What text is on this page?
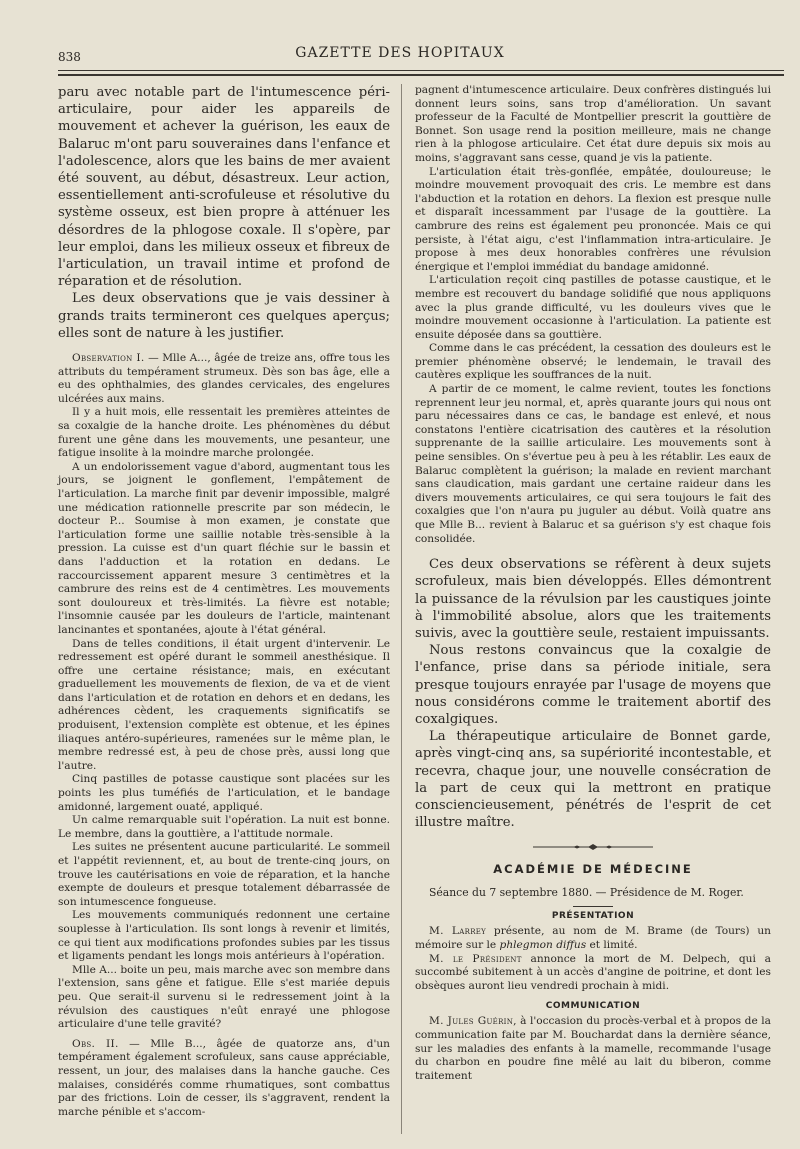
838	GAZETTE DES HOPITAUX

paru avec notable part de l'intumescence péri-articulaire, pour aider les appareils de mouvement et achever la guérison, les eaux de Balaruc m'ont paru souveraines dans l'enfance et l'adolescence, alors que les bains de mer avaient été souvent, au début, désastreux. Leur action, essentiellement anti-scrofuleuse et résolutive du système osseux, est bien propre à atténuer les désordres de la phlogose coxale. Il s'opère, par leur emploi, dans les milieux osseux et fibreux de l'articulation, un travail intime et profond de réparation et de résolution.

Les deux observations que je vais dessiner à grands traits termineront ces quelques aperçus; elles sont de nature à les justifier.

Observation I. — Mlle A..., âgée de treize ans, offre tous les attributs du tempérament strumeux. Dès son bas âge, elle a eu des ophthalmies, des glandes cervicales, des engelures ulcérées aux mains.

Il y a huit mois, elle ressentait les premières atteintes de sa coxalgie de la hanche droite. Les phénomènes du début furent une gêne dans les mouvements, une pesanteur, une fatigue insolite à la moindre marche prolongée.

A un endolorissement vague d'abord, augmentant tous les jours, se joignent le gonflement, l'empâtement de l'articulation. La marche finit par devenir impossible, malgré une médication rationnelle prescrite par son médecin, le docteur P... Soumise à mon examen, je constate que l'articulation forme une saillie notable très-sensible à la pression. La cuisse est d'un quart fléchie sur le bassin et dans l'adduction et la rotation en dedans. Le raccourcissement apparent mesure 3 centimètres et la cambrure des reins est de 4 centimètres. Les mouvements sont douloureux et très-limités. La fièvre est notable; l'insomnie causée par les douleurs de l'article, maintenant lancinantes et spontanées, ajoute à l'état général.

Dans de telles conditions, il était urgent d'intervenir. Le redressement est opéré durant le sommeil anesthésique. Il offre une certaine résistance; mais, en exécutant graduellement les mouvements de flexion, de va et de vient dans l'articulation et de rotation en dehors et en dedans, les adhérences cèdent, les craquements significatifs se produisent, l'extension complète est obtenue, et les épines iliaques antéro-supérieures, ramenées sur le même plan, le membre redressé est, à peu de chose près, aussi long que l'autre.

Cinq pastilles de potasse caustique sont placées sur les points les plus tuméfiés de l'articulation, et le bandage amidonné, largement ouaté, appliqué.

Un calme remarquable suit l'opération. La nuit est bonne. Le membre, dans la gouttière, a l'attitude normale.

Les suites ne présentent aucune particularité. Le sommeil et l'appétit reviennent, et, au bout de trente-cinq jours, on trouve les cautérisations en voie de réparation, et la hanche exempte de douleurs et presque totalement débarrassée de son intumescence fongueuse.

Les mouvements communiqués redonnent une certaine souplesse à l'articulation. Ils sont longs à revenir et limités, ce qui tient aux modifications profondes subies par les tissus et ligaments pendant les longs mois antérieurs à l'opération.

Mlle A... boite un peu, mais marche avec son membre dans l'extension, sans gêne et fatigue. Elle s'est mariée depuis peu. Que serait-il survenu si le redressement joint à la révulsion des caustiques n'eût enrayé une phlogose articulaire d'une telle gravité?

Obs. II. — Mlle B..., âgée de quatorze ans, d'un tempérament également scrofuleux, sans cause appréciable, ressent, un jour, des malaises dans la hanche gauche. Ces malaises, considérés comme rhumatiques, sont combattus par des frictions. Loin de cesser, ils s'aggravent, rendent la marche pénible et s'accom-

pagnent d'intumescence articulaire. Deux confrères distingués lui donnent leurs soins, sans trop d'amélioration. Un savant professeur de la Faculté de Montpellier prescrit la gouttière de Bonnet. Son usage rend la position meilleure, mais ne change rien à la phlogose articulaire. Cet état dure depuis six mois au moins, s'aggravant sans cesse, quand je vis la patiente.

L'articulation était très-gonflée, empâtée, douloureuse; le moindre mouvement provoquait des cris. Le membre est dans l'abduction et la rotation en dehors. La flexion est presque nulle et disparaît incessamment par l'usage de la gouttière. La cambrure des reins est également peu prononcée. Mais ce qui persiste, à l'état aigu, c'est l'inflammation intra-articulaire. Je propose à mes deux honorables confrères une révulsion énergique et l'emploi immédiat du bandage amidonné.

L'articulation reçoit cinq pastilles de potasse caustique, et le membre est recouvert du bandage solidifié que nous appliquons avec la plus grande difficulté, vu les douleurs vives que le moindre mouvement occasionne à l'articulation. La patiente est ensuite déposée dans sa gouttière.

Comme dans le cas précédent, la cessation des douleurs est le premier phénomène observé; le lendemain, le travail des cautères explique les souffrances de la nuit.

A partir de ce moment, le calme revient, toutes les fonctions reprennent leur jeu normal, et, après quarante jours qui nous ont paru nécessaires dans ce cas, le bandage est enlevé, et nous constatons l'entière cicatrisation des cautères et la résolution supprenante de la saillie articulaire. Les mouvements sont à peine sensibles. On s'évertue peu à peu à les rétablir. Les eaux de Balaruc complètent la guérison; la malade en revient marchant sans claudication, mais gardant une certaine raideur dans les divers mouvements articulaires, ce qui sera toujours le fait des coxalgies que l'on n'aura pu juguler au début. Voilà quatre ans que Mlle B... revient à Balaruc et sa guérison s'y est chaque fois consolidée.

Ces deux observations se réfèrent à deux sujets scrofuleux, mais bien développés. Elles démontrent la puissance de la révulsion par les caustiques jointe à l'immobilité absolue, alors que les traitements suivis, avec la gouttière seule, restaient impuissants.

Nous restons convaincus que la coxalgie de l'enfance, prise dans sa période initiale, sera presque toujours enrayée par l'usage de moyens que nous considérons comme le traitement abortif des coxalgiques.

La thérapeutique articulaire de Bonnet garde, après vingt-cinq ans, sa supériorité incontestable, et recevra, chaque jour, une nouvelle consécration de la part de ceux qui la mettront en pratique consciencieusement, pénétrés de l'esprit de cet illustre maître.

ACADÉMIE DE MÉDECINE

Séance du 7 septembre 1880. — Présidence de M. Roger.

PRÉSENTATION

M. Larrey présente, au nom de M. Brame (de Tours) un mémoire sur le phlegmon diffus et limité.

M. le Président annonce la mort de M. Delpech, qui a succombé subitement à un accès d'angine de poitrine, et dont les obsèques auront lieu vendredi prochain à midi.

COMMUNICATION

M. Jules Guérin, à l'occasion du procès-verbal et à propos de la communication faite par M. Bouchardat dans la dernière séance, sur les maladies des enfants à la mamelle, recommande l'usage du charbon en poudre fine mêlé au lait du biberon, comme traitement
